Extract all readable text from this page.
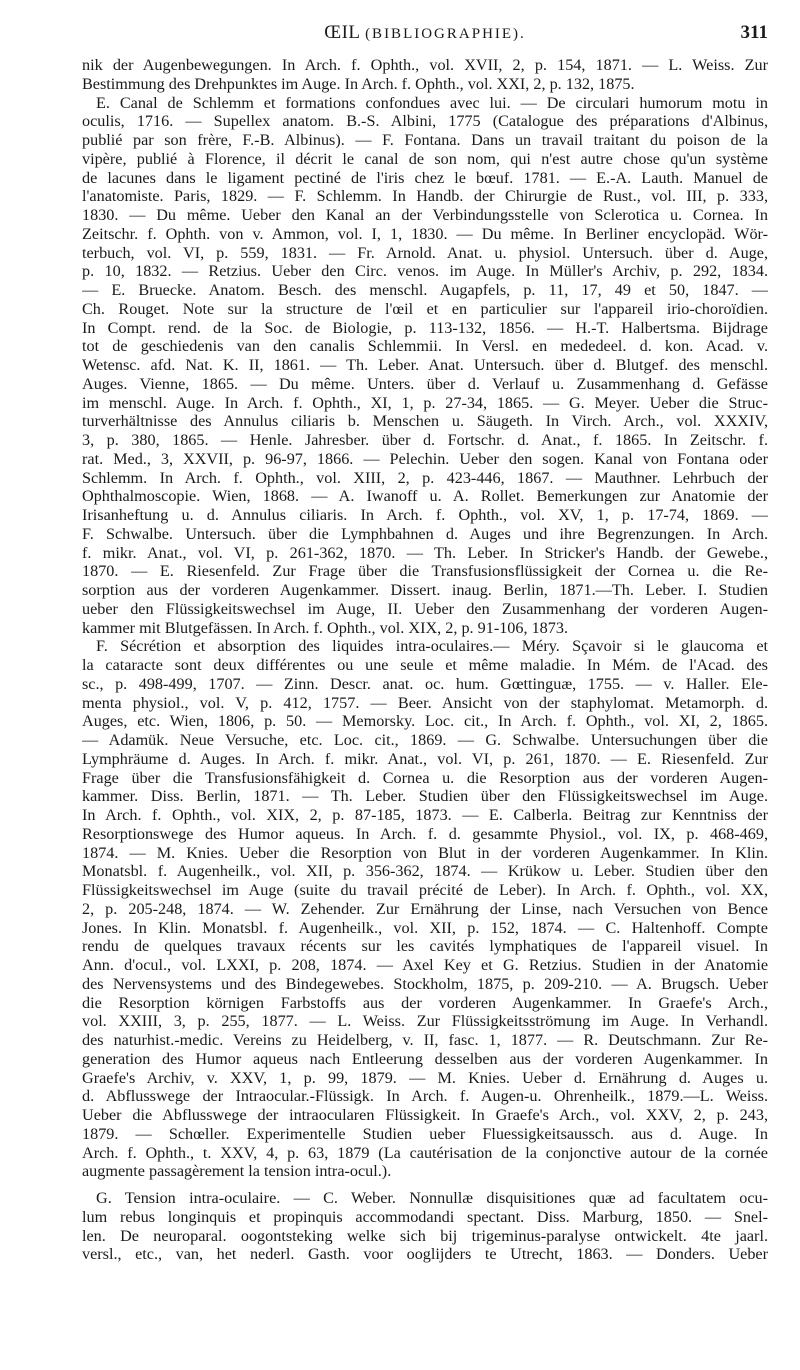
ŒIL (BIBLIOGRAPHIE).	311
nik der Augenbewegungen. In Arch. f. Ophth., vol. XVII, 2, p. 154, 1871. — L. Weiss. Zur
Bestimmung des Drehpunktes im Auge. In Arch. f. Ophth., vol. XXI, 2, p. 132, 1875.
E. Canal de Schlemm et formations confondues avec lui. — De circulari humorum motu in
oculis, 1716. — Supellex anatom. B.-S. Albini, 1775 (Catalogue des préparations d'Albinus,
publié par son frère, F.-B. Albinus). — F. Fontana. Dans un travail traitant du poison de la
vipère, publié à Florence, il décrit le canal de son nom, qui n'est autre chose qu'un système
de lacunes dans le ligament pectiné de l'iris chez le bœuf. 1781. — E.-A. Lauth. Manuel de
l'anatomiste. Paris, 1829. — F. Schlemm. In Handb. der Chirurgie de Rust., vol. III, p. 333,
1830. — Du même. Ueber den Kanal an der Verbindungsstelle von Sclerotica u. Cornea. In
Zeitschr. f. Ophth. von v. Ammon, vol. I, 1, 1830. — Du même. In Berliner encyclopäd. Wör-
terbuch, vol. VI, p. 559, 1831. — Fr. Arnold. Anat. u. physiol. Untersuch. über d. Auge,
p. 10, 1832. — Retzius. Ueber den Circ. venos. im Auge. In Müller's Archiv, p. 292, 1834.
— E. Bruecke. Anatom. Besch. des menschl. Augapfels, p. 11, 17, 49 et 50, 1847. —
Ch. Rouget. Note sur la structure de l'œil et en particulier sur l'appareil irio-choroïdien.
In Compt. rend. de la Soc. de Biologie, p. 113-132, 1856. — H.-T. Halbertsma. Bijdrage
tot de geschiedenis van den canalis Schlemmii. In Versl. en mededeel. d. kon. Acad. v.
Wetensc. afd. Nat. K. II, 1861. — Th. Leber. Anat. Untersuch. über d. Blutgef. des menschl.
Auges. Vienne, 1865. — Du même. Unters. über d. Verlauf u. Zusammenhang d. Gefässe
im menschl. Auge. In Arch. f. Ophth., XI, 1, p. 27-34, 1865. — G. Meyer. Ueber die Struc-
turverhältnisse des Annulus ciliaris b. Menschen u. Säugeth. In Virch. Arch., vol. XXXIV,
3, p. 380, 1865. — Henle. Jahresber. über d. Fortschr. d. Anat., f. 1865. In Zeitschr. f.
rat. Med., 3, XXVII, p. 96-97, 1866. — Pelechin. Ueber den sogen. Kanal von Fontana oder
Schlemm. In Arch. f. Ophth., vol. XIII, 2, p. 423-446, 1867. — Mauthner. Lehrbuch der
Ophthalmoscopie. Wien, 1868. — A. Iwanoff u. A. Rollet. Bemerkungen zur Anatomie der
Irisanheftung u. d. Annulus ciliaris. In Arch. f. Ophth., vol. XV, 1, p. 17-74, 1869. —
F. Schwalbe. Untersuch. über die Lymphbahnen d. Auges und ihre Begrenzungen. In Arch.
f. mikr. Anat., vol. VI, p. 261-362, 1870. — Th. Leber. In Stricker's Handb. der Gewebe.,
1870. — E. Riesenfeld. Zur Frage über die Transfusionsflüssigkeit der Cornea u. die Re-
sorption aus der vorderen Augenkammer. Dissert. inaug. Berlin, 1871.—Th. Leber. I. Studien
ueber den Flüssigkeitswechsel im Auge, II. Ueber den Zusammenhang der vorderen Augen-
kammer mit Blutgefässen. In Arch. f. Ophth., vol. XIX, 2, p. 91-106, 1873.
F. Sécrétion et absorption des liquides intra-oculaires.— Méry. Sçavoir si le glaucoma et
la cataracte sont deux différentes ou une seule et même maladie. In Mém. de l'Acad. des
sc., p. 498-499, 1707. — Zinn. Descr. anat. oc. hum. Gœttinguæ, 1755. — v. Haller. Ele-
menta physiol., vol. V, p. 412, 1757. — Beer. Ansicht von der staphylomat. Metamorph. d.
Auges, etc. Wien, 1806, p. 50. — Memorsky. Loc. cit., In Arch. f. Ophth., vol. XI, 2, 1865.
— Adamük. Neue Versuche, etc. Loc. cit., 1869. — G. Schwalbe. Untersuchungen über die
Lymphräume d. Auges. In Arch. f. mikr. Anat., vol. VI, p. 261, 1870. — E. Riesenfeld. Zur
Frage über die Transfusionsfähigkeit d. Cornea u. die Resorption aus der vorderen Augen-
kammer. Diss. Berlin, 1871. — Th. Leber. Studien über den Flüssigkeitswechsel im Auge.
In Arch. f. Ophth., vol. XIX, 2, p. 87-185, 1873. — E. Calberla. Beitrag zur Kenntniss der
Resorptionswege des Humor aqueus. In Arch. f. d. gesammte Physiol., vol. IX, p. 468-469,
1874. — M. Knies. Ueber die Resorption von Blut in der vorderen Augenkammer. In Klin.
Monatsbl. f. Augenheilk., vol. XII, p. 356-362, 1874. — Krükow u. Leber. Studien über den
Flüssigkeitswechsel im Auge (suite du travail précité de Leber). In Arch. f. Ophth., vol. XX,
2, p. 205-248, 1874. — W. Zehender. Zur Ernährung der Linse, nach Versuchen von Bence
Jones. In Klin. Monatsbl. f. Augenheilk., vol. XII, p. 152, 1874. — C. Haltenhoff. Compte
rendu de quelques travaux récents sur les cavités lymphatiques de l'appareil visuel. In
Ann. d'ocul., vol. LXXI, p. 208, 1874. — Axel Key et G. Retzius. Studien in der Anatomie
des Nervensystems und des Bindegewebes. Stockholm, 1875, p. 209-210. — A. Brugsch. Ueber
die Resorption körnigen Farbstoffs aus der vorderen Augenkammer. In Graefe's Arch.,
vol. XXIII, 3, p. 255, 1877. — L. Weiss. Zur Flüssigkeitsströmung im Auge. In Verhandl.
des naturhist.-medic. Vereins zu Heidelberg, v. II, fasc. 1, 1877. — R. Deutschmann. Zur Re-
generation des Humor aqueus nach Entleerung desselben aus der vorderen Augenkammer. In
Graefe's Archiv, v. XXV, 1, p. 99, 1879. — M. Knies. Ueber d. Ernährung d. Auges u.
d. Abflusswege der Intraocular.-Flüssigk. In Arch. f. Augen-u. Ohrenheilk., 1879.—L. Weiss.
Ueber die Abflusswege der intraocularen Flüssigkeit. In Graefe's Arch., vol. XXV, 2, p. 243,
1879. — Schœller. Experimentelle Studien ueber Fluessigkeitsaussch. aus d. Auge. In
Arch. f. Ophth., t. XXV, 4, p. 63, 1879 (La cautérisation de la conjonctive autour de la cornée
augmente passagèrement la tension intra-ocul.).
G. Tension intra-oculaire. — C. Weber. Nonnullæ disquisitiones quæ ad facultatem ocu-
lum rebus longinquis et propinquis accommodandi spectant. Diss. Marburg, 1850. — Snel-
len. De neuroparal. oogontsteking welke sich bij trigeminus-paralyse ontwickelt. 4te jaarl.
versl., etc., van, het nederl. Gasth. voor ooglijders te Utrecht, 1863. — Donders. Ueber
